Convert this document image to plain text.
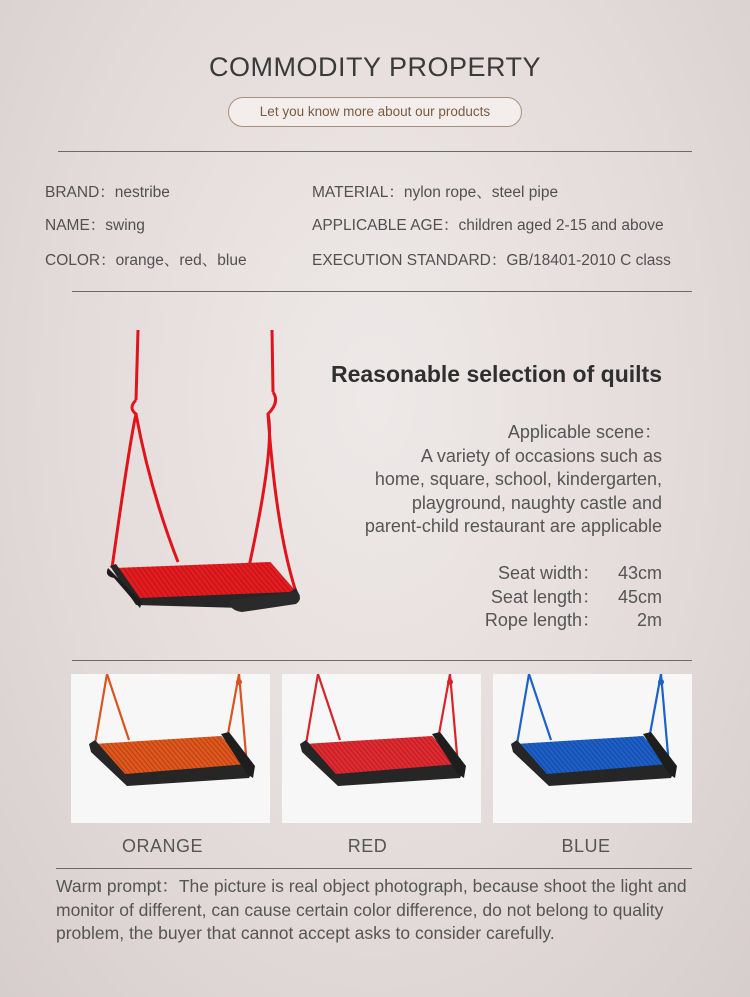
COMMODITY PROPERTY
Let you know more about our products
BRAND：nestribe	MATERIAL：nylon rope、steel pipe
NAME：swing	APPLICABLE AGE：children aged 2-15 and above
COLOR：orange、red、blue	EXECUTION STANDARD：GB/18401-2010 C class
Reasonable selection of quilts
Applicable scene：
A variety of occasions such as
home, square, school, kindergarten,
playground, naughty castle and
parent-child restaurant are applicable
Seat width： 43cm
Seat length： 45cm
Rope length：	2m
ORANGE	RED	BLUE
Warm prompt：The picture is real object photograph, because shoot the light and monitor of different, can cause certain color difference, do not belong to quality problem, the buyer that cannot accept asks to consider carefully.
